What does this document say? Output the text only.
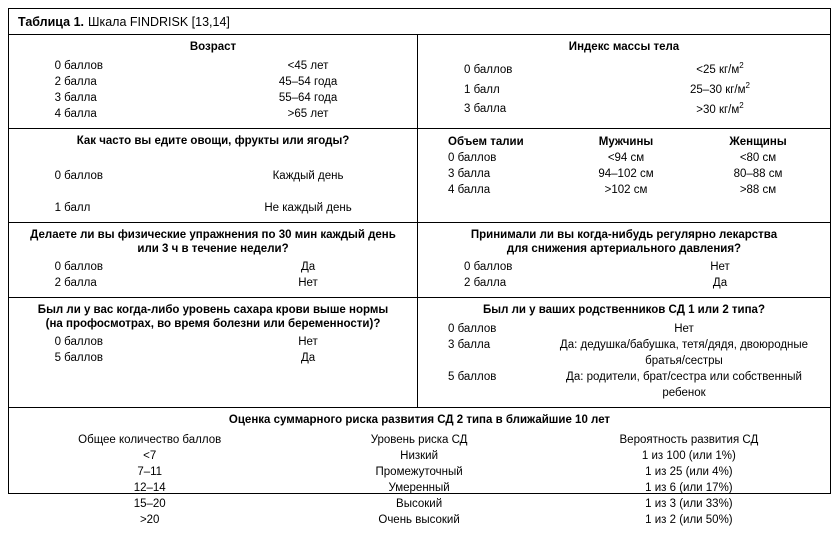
Таблица 1. Шкала FINDRISK [13,14]
Возраст
0 баллов	<45 лет
2 балла	45–54 года
3 балла	55–64 года
4 балла	>65 лет
Индекс массы тела
0 баллов	<25 $кг/м^2$
1 балл	25–30 $кг/м^2$
3 балла	>30 $кг/м^2$
Как часто вы едите овощи, фрукты или ягоды?
0 баллов	Каждый день
1 балл	Не каждый день
Объем талии	Мужчины	Женщины
0 баллов	<94 см	<80 см
3 балла	94–102 см	80–88 см
4 балла	>102 см	>88 см
Делаете ли вы физические упражнения по 30 мин каждый день
или 3 ч в течение недели?
0 баллов	Да
2 балла	Нет
Принимали ли вы когда-нибудь регулярно лекарства
для снижения артериального давления?
0 баллов	Нет
2 балла	Да
Был ли у вас когда-либо уровень сахара крови выше нормы
(на профосмотрах, во время болезни или беременности)?
0 баллов	Нет
5 баллов	Да
Был ли у ваших родственников СД 1 или 2 типа?
0 баллов	Нет
3 балла	Да: дедушка/бабушка, тетя/дядя, двоюродные братья/сестры
5 баллов	Да: родители, брат/сестра или собственный ребенок
Оценка суммарного риска развития СД 2 типа в ближайшие 10 лет
Общее количество баллов	Уровень риска СД	Вероятность развития СД
<7	Низкий	1 из 100 (или 1%)
7–11	Промежуточный	1 из 25 (или 4%)
12–14	Умеренный	1 из 6 (или 17%)
15–20	Высокий	1 из 3 (или 33%)
>20	Очень высокий	1 из 2 (или 50%)
